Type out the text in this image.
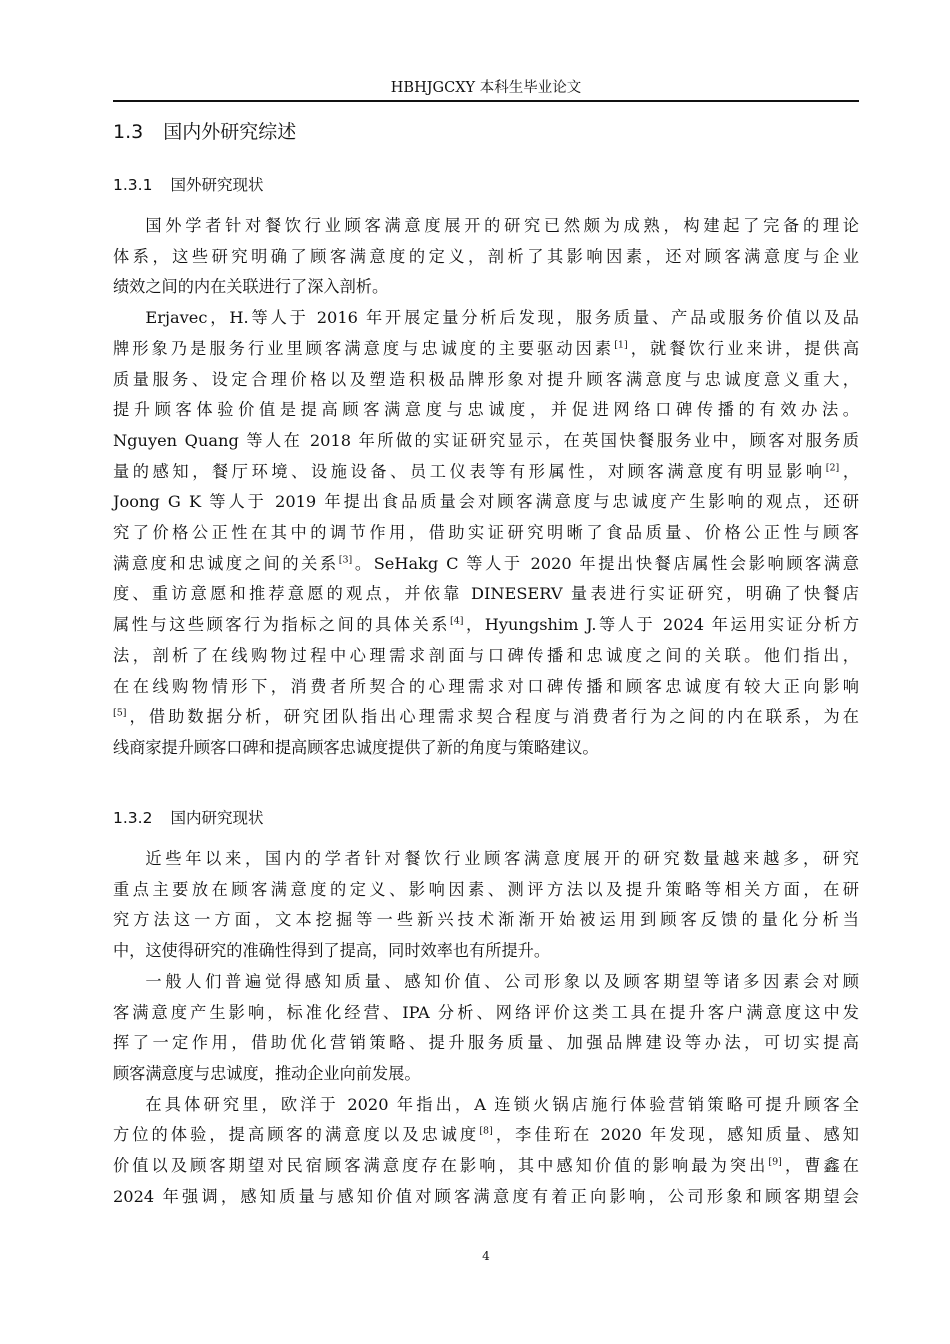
HBHJGCXY 本科生毕业论文
1.3 国内外研究综述
1.3.1 国外研究现状
国外学者针对餐饮行业顾客满意度展开的研究已然颇为成熟，构建起了完备的理论
体系，这些研究明确了顾客满意度的定义，剖析了其影响因素，还对顾客满意度与企业
绩效之间的内在关联进行了深入剖析。
Erjavec，H.等人于 2016 年开展定量分析后发现，服务质量、产品或服务价值以及品
牌形象乃是服务行业里顾客满意度与忠诚度的主要驱动因素[1]，就餐饮行业来讲，提供高
质量服务、设定合理价格以及塑造积极品牌形象对提升顾客满意度与忠诚度意义重大，
提升顾客体验价值是提高顾客满意度与忠诚度，并促进网络口碑传播的有效办法。
Nguyen Quang 等人在 2018 年所做的实证研究显示，在英国快餐服务业中，顾客对服务质
量的感知，餐厅环境、设施设备、员工仪表等有形属性，对顾客满意度有明显影响[2]，
Joong G K 等人于 2019 年提出食品质量会对顾客满意度与忠诚度产生影响的观点，还研
究了价格公正性在其中的调节作用，借助实证研究明晰了食品质量、价格公正性与顾客
满意度和忠诚度之间的关系[3]。SeHakg C 等人于 2020 年提出快餐店属性会影响顾客满意
度、重访意愿和推荐意愿的观点，并依靠 DINESERV 量表进行实证研究，明确了快餐店
属性与这些顾客行为指标之间的具体关系[4]，Hyungshim J.等人于 2024 年运用实证分析方
法，剖析了在线购物过程中心理需求剖面与口碑传播和忠诚度之间的关联。他们指出，
在在线购物情形下，消费者所契合的心理需求对口碑传播和顾客忠诚度有较大正向影响
[5]，借助数据分析，研究团队指出心理需求契合程度与消费者行为之间的内在联系，为在
线商家提升顾客口碑和提高顾客忠诚度提供了新的角度与策略建议。
1.3.2 国内研究现状
近些年以来，国内的学者针对餐饮行业顾客满意度展开的研究数量越来越多，研究
重点主要放在顾客满意度的定义、影响因素、测评方法以及提升策略等相关方面，在研
究方法这一方面，文本挖掘等一些新兴技术渐渐开始被运用到顾客反馈的量化分析当
中，这使得研究的准确性得到了提高，同时效率也有所提升。
一般人们普遍觉得感知质量、感知价值、公司形象以及顾客期望等诸多因素会对顾
客满意度产生影响，标准化经营、IPA 分析、网络评价这类工具在提升客户满意度这中发
挥了一定作用，借助优化营销策略、提升服务质量、加强品牌建设等办法，可切实提高
顾客满意度与忠诚度，推动企业向前发展。
在具体研究里，欧洋于 2020 年指出，A 连锁火锅店施行体验营销策略可提升顾客全
方位的体验，提高顾客的满意度以及忠诚度[8]，李佳珩在 2020 年发现，感知质量、感知
价值以及顾客期望对民宿顾客满意度存在影响，其中感知价值的影响最为突出[9]，曹鑫在
2024 年强调，感知质量与感知价值对顾客满意度有着正向影响，公司形象和顾客期望会
4
